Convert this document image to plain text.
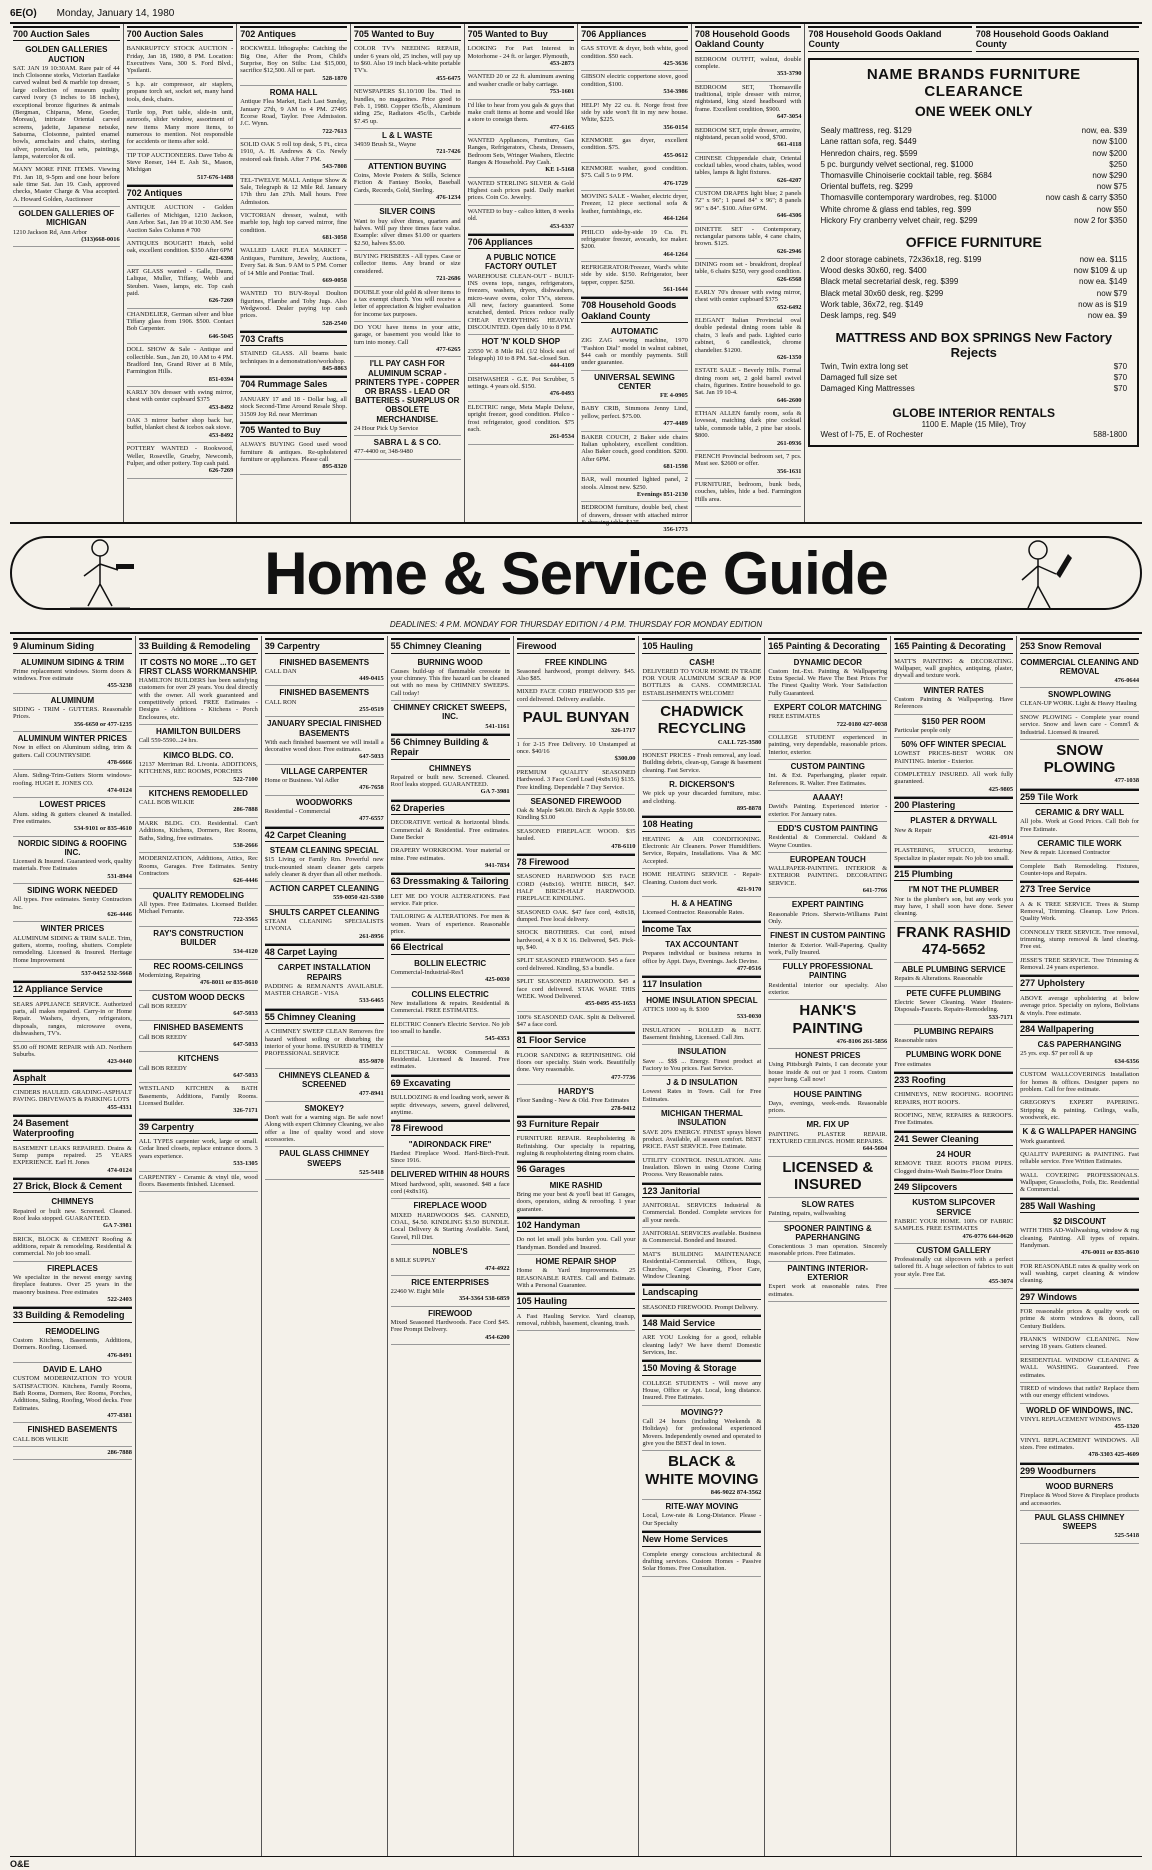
6E(O) Monday, January 14, 1980
700 Auction Sales
GOLDEN GALLERIES AUCTION
SAT. JAN 19 10:30AM. Rare pair of 44 inch Cloisonne storks, Victorian Eastlake carved walnut bed & marble top dresser, large collection of museum quality carved ivory (3 inches to 18 inches), exceptional bronze figurines & animals (Bergman, Chiparus, Mene, Goeder, Moreau), intricate Oriental carved screens, jadeite, Japanese netsuke, Satsuma, Cloisonne, painted enamel bowls, armchairs and chairs, sterling silver, porcelain, tea sets, paintings, lamps, watercolor & oil.
MANY MORE FINE ITEMS. Viewing Fri. Jan 18, 9-5pm and one hour before sale time Sat. Jan 19. Cash, approved checks, Master Charge & Visa accepted. A. Howard Golden, Auctioneer
GOLDEN GALLERIES OF MICHIGAN
1210 Jackson Rd, Ann Arbor
(313)668-0016
700 Auction Sales
BANKRUPTCY STOCK AUCTION - Friday, Jan 18, 1980, 8 PM. Location: Executives Vans, 300 S. Ford Blvd., Ypsilanti.
5 h.p. air compressor, air staplers, propane torch set, socket set, many hand tools, desk, chairs.
Turtle top, Port table, slide-in unit, sunroofs, slider window, assortment of new items Many more items, to numerous to mention. Not responsible for accidents or items after sold.
TIP TOP AUCTIONEERS. Dave Tebo & Steve Reeser, 144 E. Ash St., Mason, Michigan
517-676-1488
702 Antiques
ANTIQUE AUCTION - Golden Galleries of Michigan, 1210 Jackson, Ann Arbor. Sat., Jan 19 at 10:30 AM. See Auction Sales Column # 700
ANTIQUES BOUGHT! Hutch, solid oak, excellent condition. $350 After 6PM
421-6398
ART GLASS wanted - Galle, Daum, Lalique, Muller, Tiffany, Webb and Steuben. Vases, lamps, etc. Top cash paid.
626-7269
CHANDELIER, German silver and blue Tiffany glass from 1906. $500. Contact Bob Carpenter.
646-5045
DOLL SHOW & Sale - Antique and collectible. Sun., Jan 20, 10 AM to 4 PM. Bradford Inn, Grand River at 8 Mile, Farmington Hills.
851-0394
KARLY 30's dresser with swing mirror, chest with center cupboard $375
453-8492
OAK 3 mirror barber shop back bar, buffet, blanket chest & icebox oak stove.
453-8492
POTTERY WANTED - Rookwood, Weller, Roseville, Grueby, Newcomb, Fulper, and other pottery. Top cash paid.
626-7269
702 Antiques
ROCKWELL lithographs: Catching the Big One, After the Prom, Child's Surprise, Boy on Stilts: List $15,000, sacrifice $12,500. All or part.
528-1870
ROMA HALL
Antique Flea Market, Each Last Sunday, January 27th, 9 AM to 4 PM. 27495 Ecorse Road, Taylor. Free Admission. J.C. Wynn.
722-7613
SOLID OAK 5 roll top desk, 5 Ft., circa 1910, A. H. Andrews & Co. Newly restored oak finish. After 7 PM.
543-7808
TEL-TWELVE MALL Antique Show & Sale, Telegraph & 12 Mile Rd. January 17th thru Jan 27th. Mall hours. Free Admission.
VICTORIAN dresser, walnut, with marble top, high top carved mirror, fine condition.
681-3058
WALLED LAKE FLEA MARKET - Antiques, Furniture, Jewelry, Auctions, Every Sat. & Sun. 9 AM to 5 PM. Corner of 14 Mile and Pontiac Trail.
669-0058
WANTED TO BUY-Royal Doulton figurines, Flambe and Toby Jugs. Also Wedgwood. Dealer paying top cash prices.
528-2540
703 Crafts
STAINED GLASS. All beams basic techniques in a demonstration/workshop.
845-8863
704 Rummage Sales
JANUARY 17 and 18 - Dollar bag, all stock Second-Time Around Resale Shop. 31509 Joy Rd. near Merriman
705 Wanted to Buy
ALWAYS BUYING Good used wood furniture & antiques. Re-upholstered furniture or appliances. Please call
895-8320
705 Wanted to Buy
COLOR TV's NEEDING REPAIR, under 6 years old, 25 inches, will pay up to $60. Also 19 inch black-white portable TV's.
455-6475
NEWSPAPERS $1.10/100 lbs. Tied in bundles, no magazines. Price good to Feb. 1, 1980. Copper 65c/lb., Aluminum siding 25c, Radiators 45c/lb., Carbide $7.45 up.
L & L WASTE
34939 Brush St., Wayne
721-7426
ATTENTION BUYING
Coins, Movie Posters & Stills, Science Fiction & Fantasy Books, Baseball Cards, Records, Gold, Sterling.
476-1234
SILVER COINS
Want to buy silver dimes, quarters and halves. Will pay three times face value. Example: silver dimes $1.00 or quarters $2.50, halves $5.00.
BUYING FRISBEES - All types. Case or collector items. Any brand or size considered.
721-2686
DOUBLE your old gold & silver items to a tax exempt church. You will receive a letter of appreciation & higher evaluation for income tax purposes.
DO YOU have items in your attic, garage, or basement you would like to turn into money. Call
477-6265
I'LL PAY CASH FOR ALUMINUM SCRAP - PRINTERS TYPE - COPPER OR BRASS - LEAD OR BATTERIES - SURPLUS OR OBSOLETE MERCHANDISE.
24 Hour Pick Up Service
SABRA L & S CO.
477-4400 or, 348-9480
705 Wanted to Buy
LOOKING For Part Interest in Motorhome - 24 ft. or larger. Plymouth,
453-2873
WANTED 20 or 22 ft. aluminum awning and washer cradle or baby carriage.
753-1601
I'd like to hear from you gals & guys that make craft items at home and would like a store to consign them.
477-6165
WANTED Appliances, Furniture, Gas Ranges, Refrigerators, Chests, Dressers, Bedroom Sets, Wringer Washers, Electric Ranges & Household. Pay Cash.
KE 1-5168
WANTED STERLING SILVER & Gold Highest cash prices paid. Daily market prices. Coin Co. Jewelry.
WANTED to buy - calico kitten, 8 weeks old.
453-6337
706 Appliances
A PUBLIC NOTICE FACTORY OUTLET
WAREHOUSE CLEAN-OUT - BUILT-INS ovens tops, ranges, refrigerators, freezers, washers, dryers, dishwashers, micro-wave ovens, color TV's, stereos. All new, factory guaranteed. Some scratched, dented. Prices reduce really CHEAP. EVERYTHING HEAVILY DISCOUNTED. Open daily 10 to 8 PM.
HOT 'N' KOLD SHOP
23550 W. 8 Mile Rd. (1/2 block east of Telegraph) 10 to 8 PM. Sat.-closed Sun.
444-4109
DISHWASHER - G.E. Pot Scrubber, 5 settings. 4 years old. $150.
476-0493
ELECTRIC range, Meta Maple Deluxe, upright freezer, good condition. Philco - frost refrigerator, good condition. $75 each.
261-0534
706 Appliances
GAS STOVE & dryer, both white, good condition. $50 each.
425-3636
GIBSON electric coppertone stove, good condition, $100.
534-3986
HELP! My 22 cu. ft. Norge frost free side by side won't fit in my new house. White, $225.
356-0154
KENMORE gas dryer, excellent condition. $75.
455-0612
KENMORE washer, good condition. $75. Call 5 to 9 PM.
476-1729
MOVING SALE - Washer, electric dryer, Freezer, 12 piece sectional sofa & leather, furnishings, etc.
464-1264
PHILCO side-by-side 19 Cu. Ft. refrigerator freezer, avocado, ice maker. $200.
464-1264
REFRIGERATOR/Freezer, Ward's white side by side. $150. Refrigerator, beer tapper, copper. $250.
561-1644
708 Household Goods Oakland County
AUTOMATIC
ZIG ZAG sewing machine, 1970 "Fashion Dial" model in walnut cabinet, $44 cash or monthly payments. Still under guarantee.
UNIVERSAL SEWING CENTER
FE 4-0905
BABY CRIB, Simmons Jenny Lind, yellow, perfect. $75.00.
477-4489
BAKER COUCH, 2 Baker side chairs Italian upholstery, excellent condition. Also Baker couch, good condition. $200. After 6PM.
681-1598
BAR, wall mounted lighted panel, 2 stools. Almost new. $250.
Evenings 851-2130
BEDROOM furniture, double bed, chest of drawers, dresser with attached mirror & dressing table. $125.
356-1773
708 Household Goods Oakland County
BEDROOM OUTFIT, walnut, double complete.
353-3790
BEDROOM SET, Thomasville traditional, triple dresser with mirror, nightstand, king sized headboard with frame. Excellent condition, $900.
647-3054
BEDROOM SET, triple dresser, armoire, nightstand, pecan solid wood, $700.
661-4118
CHINESE Chippendale chair, Oriental cocktail tables, wood chairs, tables, wood tables, lamps & light fixtures.
626-4207
CUSTOM DRAPES light blue; 2 panels 72" x 96"; 1 panel 84" x 96"; 8 panels 96" x 84". $100. After 6PM.
646-4306
DINETTE SET - Contemporary, rectangular parsons table, 4 cane chairs, brown. $125.
626-2946
DINING room set - breakfront, dropleaf table, 6 chairs $250, very good condition.
626-6568
EARLY 70's dresser with swing mirror, chest with center cupboard $375
652-6492
ELEGANT Italian Provincial oval double pedestal dining room table & chairs, 3 leafs and pads. Lighted curio cabinet, 6 candlestick, chrome chandelier. $1200.
626-1350
ESTATE SALE - Beverly Hills. Formal dining room set, 2 gold barrel swivel chairs, figurines. Entire household to go. Sat. Jan 19 10-4.
646-2600
ETHAN ALLEN family room, sofa & loveseat, matching dark pine cocktail table, commode table, 2 pine bar stools. $800.
261-0936
FRENCH Provincial bedroom set, 7 pcs. Must see. $2600 or offer.
356-1631
FURNITURE, bedroom, bunk beds, couches, tables, hide a bed. Farmington Hills area.
708 Household Goods Oakland County
708 Household Goods Oakland County
NAME BRANDS FURNITURE CLEARANCE
ONE WEEK ONLY
Sealy mattress, reg. $129	now, ea. $39
Lane rattan sofa, reg. $449	now $100
Henredon chairs, reg. $599	now $200
5 pc. burgundy velvet sectional, reg. $1000	$250
Thomasville Chinoiserie cocktail table, reg. $684	now $290
Oriental buffets, reg. $299	now $75
Thomasville contemporary wardrobes, reg. $1000	now cash & carry $350
White chrome & glass end tables, reg. $99	now $50
Hickory Fry cranberry velvet chair, reg. $299	now 2 for $350
OFFICE FURNITURE
2 door storage cabinets, 72x36x18, reg. $199	now ea. $115
Wood desks 30x60, reg. $400	now $109 & up
Black metal secretarial desk, reg. $399	now ea. $149
Black metal 30x60 desk, reg. $299	now $79
Work table, 36x72, reg. $149	now as is $19
Desk lamps, reg. $49	now ea. $9
MATTRESS AND BOX SPRINGS New Factory Rejects
Twin, Twin extra long set	$70
Damaged full size set	$70
Damaged King Mattresses	$70
GLOBE INTERIOR RENTALS
1100 E. Maple (15 Mile), Troy
West of I-75, E. of Rochester	588-1800
Home & Service Guide
DEADLINES: 4 P.M. MONDAY FOR THURSDAY EDITION / 4 P.M. THURSDAY FOR MONDAY EDITION
9 Aluminum Siding
ALUMINUM SIDING & TRIM
Prime replacement windows. Storm doors & windows. Free estimate
455-3238
ALUMINUM
SIDING - TRIM - GUTTERS. Reasonable Prices.
356-6650 or 477-1235
ALUMINUM WINTER PRICES
Now in effect on Aluminum siding, trim & gutters. Call COUNTRYSIDE
478-6666
Alum. Siding-Trim-Gutters Storm windows-roofing. HUGH E. JONES CO.
474-0124
LOWEST PRICES
Alum. siding & gutters cleaned & installed. Free estimates.
534-9101 or 835-4610
NORDIC SIDING & ROOFING INC.
Licensed & Insured. Guaranteed work, quality materials. Free Estimates
531-8944
SIDING WORK NEEDED
All types. Free estimates. Sentry Contractors Inc.
626-4446
WINTER PRICES
ALUMINUM SIDING & TRIM SALE. Trim, gutters, storms, roofing, shutters. Complete remodeling. Licensed & Insured. Heritage Home Improvement
537-0452 532-5668
12 Appliance Service
SEARS APPLIANCE SERVICE. Authorized parts, all makes repaired. Carry-in or Home Repair. Washers, dryers, refrigerators, disposals, ranges, microwave ovens, dishwashers, TV's.
$5.00 off HOME REPAIR with AD. Northern Suburbs.
423-0440
Asphalt
CINDERS HAULED. GRADING-ASPHALT PAVING. DRIVEWAYS & PARKING LOTS
455-4331
24 Basement Waterproofing
BASEMENT LEAKS REPAIRED. Drains & Sump pumps repaired. 25 YEARS EXPERIENCE. Earl H. Jones
474-0124
27 Brick, Block & Cement
CHIMNEYS
Repaired or built new. Screened. Cleaned. Roof leaks stopped. GUARANTEED.
GA 7-3981
BRICK, BLOCK & CEMENT Roofing & additions, repair & remodeling. Residential & commercial. No job too small.
FIREPLACES
We specialize in the newest energy saving fireplace features. Over 25 years in the masonry business. Free estimates
522-2403
33 Building & Remodeling
REMODELING
Custom Kitchens, Basements, Additions, Dormers. Roofing. Licensed.
476-8491
DAVID E. LAHO
CUSTOM MODERNIZATION TO YOUR SATISFACTION. Kitchens, Family Rooms, Bath Rooms, Dormers, Rec Rooms, Porches, Additions, Siding, Roofing, Wood decks. Free Estimates.
477-8381
FINISHED BASEMENTS
CALL BOB WILKIE
286-7888
33 Building & Remodeling
IT COSTS NO MORE ...TO GET FIRST CLASS WORKMANSHIP.
HAMILTON BUILDERS has been satisfying customers for over 29 years. You deal directly with the owner. All work guaranteed and competitively priced. FREE Estimates - Designs - Additions - Kitchens - Porch Enclosures, etc.
HAMILTON BUILDERS
Call 559-5590...24 hrs.
KIMCO BLDG. CO.
12137 Merriman Rd. Livonia. ADDITIONS, KITCHENS, REC ROOMS, PORCHES
522-7100
KITCHENS REMODELLED
CALL BOB WILKIE
286-7888
MARK BLDG. CO. Residential. Can't Additions, Kitchens, Dormers, Rec Rooms, Baths, Siding, free estimates.
538-2666
MODERNIZATION, Additions, Attics, Rec Rooms, Garages. Free Estimates. Sentry Contractors
626-4446
QUALITY REMODELING
All types. Free Estimates. Licensed Builder. Michael Ferrante.
722-3565
RAY'S CONSTRUCTION BUILDER
534-4120
REC ROOMS-CEILINGS
Modernizing, Repairing
476-8011 or 835-8610
CUSTOM WOOD DECKS
Call BOB REEDY
647-5033
FINISHED BASEMENTS
Call BOB REEDY
647-5033
KITCHENS
Call BOB REEDY
647-5033
WESTLAND KITCHEN & BATH Basements, Additions, Family Rooms. Licensed Builder.
326-7171
39 Carpentry
ALL TYPES carpenter work, large or small. Cedar lined closets, replace entrance doors. 3 years experience.
533-1305
CARPENTRY - Ceramic & vinyl tile, wood floors. Basements finished. Licensed.
39 Carpentry
FINISHED BASEMENTS
CALL DAN
449-0415
FINISHED BASEMENTS
CALL RON
255-0519
JANUARY SPECIAL FINISHED BASEMENTS
With each finished basement we will install a decorative wood door. Free estimates.
647-5033
VILLAGE CARPENTER
Home or Business. Val Adler
476-7658
WOODWORKS
Residential - Commercial
477-6557
42 Carpet Cleaning
STEAM CLEANING SPECIAL
$15 Living or Family Rm. Powerful new truck-mounted steam cleaner gets carpets safely cleaner & dryer than all other methods.
ACTION CARPET CLEANING
559-0050 421-5380
SHULTS CARPET CLEANING
STEAM CLEANING SPECIALISTS LIVONIA
261-8956
48 Carpet Laying
CARPET INSTALLATION REPAIRS
PADDING & REM.NANTS AVAILABLE. MASTER CHARGE - VISA
533-6465
55 Chimney Cleaning
A CHIMNEY SWEEP CLEAN Removes fire hazard without soiling or disturbing the interior of your home. INSURED & TIMELY PROFESSIONAL SERVICE
855-9870
CHIMNEYS CLEANED & SCREENED
477-8941
SMOKEY?
Don't wait for a warning sign. Be safe now! Along with expert Chimney Cleaning, we also offer a line of quality wood and stove accessories.
PAUL GLASS CHIMNEY SWEEPS
525-5418
55 Chimney Cleaning
BURNING WOOD
Causes build-up of flammable creosote in your chimney. This fire hazard can be cleaned out with no mess by CHIMNEY SWEEPS. Call today!
CHIMNEY CRICKET SWEEPS, INC.
541-1161
56 Chimney Building & Repair
CHIMNEYS
Repaired or built new. Screened. Cleaned. Roof leaks stopped. GUARANTEED.
GA 7-3981
62 Draperies
DECORATIVE vertical & horizontal blinds. Commercial & Residential. Free estimates. Dane Becker
DRAPERY WORKROOM. Your material or mine. Free estimates.
941-7834
63 Dressmaking & Tailoring
LET ME DO YOUR ALTERATIONS. Fast service. Fair price.
TAILORING & ALTERATIONS. For men & women. Years of experience. Reasonable price.
66 Electrical
BOLLIN ELECTRIC
Commercial-Industrial-Res'l
425-0030
COLLINS ELECTRIC
New installations & repairs. Residential & Commercial. FREE ESTIMATES.
ELECTRIC Conner's Electric Service. No job too small to handle.
545-4353
ELECTRICAL WORK Commercial & Residential. Licensed & Insured. Free estimates.
69 Excavating
BULLDOZING & end loading work, sewer & septic driveways, sewers, gravel delivered, anytime.
78 Firewood
"ADIRONDACK FIRE"
Hardest Fireplace Wood. Hard-Birch-Fruit. Since 1916.
DELIVERED WITHIN 48 HOURS
Mixed hardwood, split, seasoned. $48 a face cord (4x8x16).
FIREPLACE WOOD
MIXED HARDWOODS $45. CANNED, COAL, $4.50. KINDLING $3.50 BUNDLE. Local Delivery & Starting Available. Sand, Gravel, Fill Dirt.
NOBLE'S
8 MILE SUPPLY
474-4922
RICE ENTERPRISES
22460 W. Eight Mile
354-3364 538-6859
FIREWOOD
Mixed Seasoned Hardwoods. Face Cord $45. Free Prompt Delivery.
454-6200
Firewood
FREE KINDLING
Seasoned hardwood, prompt delivery. $45. Also $85.
MIXED FACE CORD FIREWOOD $35 per cord delivered. Delivery available.
PAUL BUNYAN
326-1717
1 for 2-15 Free Delivery. 10 Unstamped at once. $40/16
$300.00
PREMIUM QUALITY SEASONED Hardwood. 3 Face Cord Load (4x8x16) $135. Free kindling. Dependable 7 Day Service.
SEASONED FIREWOOD
Oak & Maple $49.00. Birch & Apple $59.00. Kindling $3.00
SEASONED FIREPLACE WOOD. $35 hauled.
478-6110
78 Firewood
SEASONED HARDWOOD $35 FACE CORD (4x8x16). WHITE BIRCH, $47. HALF BIRCH-HALF HARDWOOD. FIREPLACE KINDLING.
SEASONED OAK. $47 face cord, 4x8x18, dumped. Free local delivery.
SHOCK BROTHERS. Cut cord, mixed hardwood, 4 X 8 X 16. Delivered, $45. Pick-up, $40.
SPLIT SEASONED FIREWOOD. $45 a face cord delivered. Kindling, $3 a bundle.
SPLIT SEASONED HARDWOOD. $45 a face cord delivered. STAK WARE THIS WEEK. Wood Delivered.
455-0495 455-1653
100% SEASONED OAK. Split & Delivered. $47 a face cord.
81 Floor Service
FLOOR SANDING & REFINISHING. Old floors our specialty. Stain work. Beautifully done. Very reasonable.
477-7736
HARDY'S
Floor Sanding - New & Old. Free Estimates
278-9412
93 Furniture Repair
FURNITURE REPAIR. Reupholstering & Refinishing. Our specialty is repairing, regluing & reupholstering dining room chairs.
96 Garages
MIKE RASHID
Bring me your best & you'll beat it! Garages, doors, operators, siding & reroofing. 1 year guarantee.
102 Handyman
Do not let small jobs burden you. Call your Handyman. Bonded and Insured.
HOME REPAIR SHOP
Home & Yard Improvements. 25 REASONABLE RATES. Call and Estimate. With a Personal Guarantee.
105 Hauling
A Fast Hauling Service. Yard cleanup, removal, rubbish, basement, cleaning, trash.
105 Hauling
CASH!
DELIVERED TO YOUR HOME IN TRADE FOR YOUR ALUMINUM SCRAP & POP BOTTLES & CANS. COMMERCIAL ESTABLISHMENTS WELCOME!
CHADWICK RECYCLING
CALL 725-3580
HONEST PRICES - Fresh removal, any load. Building debris, clean-up, Garage & basement cleaning. Fast Service.
R. DICKERSON'S
We pick up your discarded furniture, misc. and clothing.
895-8878
108 Heating
HEATING & AIR CONDITIONING. Electronic Air Cleaners. Power Humidifiers. Service, Repairs, Installations. Visa & MC Accepted.
HOME HEATING SERVICE - Repair-Cleaning. Custom duct work.
421-9170
H. & A HEATING
Licensed Contractor. Reasonable Rates.
Income Tax
TAX ACCOUNTANT
Prepares individual or business returns in office by Appt. Days, Evenings. Jack Devine.
477-0516
117 Insulation
HOME INSULATION SPECIAL
ATTICS 1000 sq. ft. $300
533-0030
INSULATION - ROLLED & BATT. Basement finishing, Licensed. Call Jim.
INSULATION
Save ... $$$ ... Energy. Finest product at Factory to You prices. Fast Service.
J & D INSULATION
Lowest Rates in Town. Call for Free Estimates.
MICHIGAN THERMAL INSULATION
SAVE 20% ENERGY. FINEST sprays blown product. Available, all season comfort. BEST PRICE. FAST SERVICE. Free Estimate.
UTILITY CONTROL INSULATION. Attic Insulation. Blown in using Ozone Curing Process. Very Reasonable rates.
123 Janitorial
JANITORIAL SERVICES Industrial & Commercial. Bonded. Complete services for all your needs.
JANITORIAL SERVICES available. Business & Commercial. Bonded and Insured.
MAT'S BUILDING MAINTENANCE Residential-Commercial. Offices, Rugs, Churches, Carpet Cleaning, Floor Care, Window Cleaning.
Landscaping
SEASONED FIREWOOD. Prompt Delivery.
148 Maid Service
ARE YOU Looking for a good, reliable cleaning lady? We have them! Domestic Services, Inc.
150 Moving & Storage
COLLEGE STUDENTS - Will move any House, Office or Apt. Local, long distance. Insured. Free Estimates.
MOVING??
Call 24 hours (including Weekends & Holidays) for professional experienced Movers. Independently owned and operated to give you the BEST deal in town.
BLACK & WHITE MOVING
846-9022 874-3562
RITE-WAY MOVING
Local, Low-rate & Long-Distance. Please - Our Specialty
New Home Services
Complete energy conscious architectural & drafting services. Custom Homes - Passive Solar Homes. Free Consultation.
165 Painting & Decorating
DYNAMIC DECOR
Custom Int.-Ext. Painting & Wallpapering Extra Special. We Have The Best Prices For The Finest Quality Work. Your Satisfaction Fully Guaranteed.
EXPERT COLOR MATCHING
FREE ESTIMATES
722-0180 427-0038
COLLEGE STUDENT experienced in painting, very dependable, reasonable prices. Interior, exterior.
CUSTOM PAINTING
Int. & Ext. Paperhanging, plaster repair. References. R. Walter. Free Estimates.
AAAAY!
David's Painting. Experienced interior - exterior. For January rates.
EDD'S CUSTOM PAINTING
Residential & Commercial. Oakland & Wayne Counties.
EUROPEAN TOUCH
WALLPAPER-PAINTING. INTERIOR & EXTERIOR PAINTING. DECORATING SERVICE.
641-7766
EXPERT PAINTING
Reasonable Prices. Sherwin-Williams Paint Only.
FINEST IN CUSTOM PAINTING
Interior & Exterior. Wall-Papering. Quality work, Fully Insured.
FULLY PROFESSIONAL PAINTING
Residential interior our specialty. Also exterior.
HANK'S PAINTING
476-8106 261-5856
HONEST PRICES
Using Pittsburgh Paints, I can decorate your house inside & out or just 1 room. Custom paper hung. Call now!
HOUSE PAINTING
Days, evenings, week-ends. Reasonable prices.
MR. FIX UP
PAINTING. PLASTER REPAIR. TEXTURED CEILINGS. HOME REPAIRS.
644-5604
LICENSED & INSURED
SLOW RATES
Painting, repairs, wallwashing
SPOONER PAINTING & PAPERHANGING
Conscientious 3 man operation. Sincerely reasonable prices. Free Estimates.
PAINTING INTERIOR-EXTERIOR
Expert work at reasonable rates. Free estimates.
165 Painting & Decorating
MATT'S PAINTING & DECORATING. Wallpaper, wall graphics, antiquing, plaster, drywall and texture work.
WINTER RATES
Custom Painting & Wallpapering. Have References
$150 PER ROOM
Particular people only
50% OFF WINTER SPECIAL
LOWEST PRICES-BEST WORK ON PAINTING. Interior - Exterior.
COMPLETELY INSURED. All work fully guaranteed.
425-9805
200 Plastering
PLASTER & DRYWALL
New & Repair
421-0914
PLASTERING, STUCCO, texturing. Specialize in plaster repair. No job too small.
215 Plumbing
I'M NOT THE PLUMBER
Nor is the plumber's son, but any work you may have, I shall soon have done. Sewer cleaning.
FRANK RASHID 474-5652
ABLE PLUMBING SERVICE
Repairs & Alterations. Reasonable
PETE CUFFE PLUMBING
Electric Sewer Cleaning. Water Heaters-Disposals-Faucets. Repairs-Remodeling.
533-7171
PLUMBING REPAIRS
Reasonable rates
PLUMBING WORK DONE
Free estimates
233 Roofing
CHIMNEYS, NEW ROOFING. ROOFING REPAIRS, HOT ROOFS.
ROOFING, NEW, REPAIRS & REROOFS. Free Estimates.
241 Sewer Cleaning
24 HOUR
REMOVE TREE ROOTS FROM PIPES. Clogged drains-Wash Basins-Floor Drains
249 Slipcovers
KUSTOM SLIPCOVER SERVICE
FABRIC YOUR HOME. 100's OF FABRIC SAMPLES. FREE ESTIMATES
476-0776 644-0620
CUSTOM GALLERY
Professionally cut slipcovers with a perfect tailored fit. A huge selection of fabrics to suit your style. Free Est.
455-3074
253 Snow Removal
COMMERCIAL CLEANING AND REMOVAL
476-0644
SNOWPLOWING
CLEAN-UP WORK. Light & Heavy Hauling
SNOW PLOWING - Complete year round service. Snow and lawn care - Comm'l & Industrial. Licensed & insured.
SNOW PLOWING
477-1038
259 Tile Work
CERAMIC & DRY WALL
All jobs. Work at Good Prices. Call Bob for Free Estimate.
CERAMIC TILE WORK
New & repair. Licensed Contractor
Complete Bath Remodeling. Fixtures, Counter-tops and Repairs.
273 Tree Service
A & K TREE SERVICE. Trees & Stump Removal, Trimming. Cleanup. Low Prices. Quality Work.
CONNOLLY TREE SERVICE. Tree removal, trimming, stump removal & land clearing. Free est.
JESSE'S TREE SERVICE. Tree Trimming & Removal. 24 years experience.
277 Upholstery
ABOVE average upholstering at below average price. Specialty on nylons, Bolivians & vinyls. Free estimate.
284 Wallpapering
C&S PAPERHANGING
25 yrs. exp. $7 per roll & up
634-6356
CUSTOM WALLCOVERINGS Installation for homes & offices. Designer papers no problem. Call for free estimate.
GREGORY'S EXPERT PAPERING. Stripping & painting. Ceilings, walls, woodwork, etc.
K & G WALLPAPER HANGING
Work guaranteed.
QUALITY PAPERING & PAINTING. Fast reliable service. Free Written Estimates.
WALL COVERING PROFESSIONALS. Wallpaper, Grasscloths, Foils, Etc. Residential & Commercial.
285 Wall Washing
$2 DISCOUNT
WITH THIS AD-Wallwashing, window & rug cleaning. Painting. All types of repairs. Handyman.
476-0011 or 835-8610
FOR REASONABLE rates & quality work on wall washing, carpet cleaning & window cleaning.
297 Windows
FOR reasonable prices & quality work on prime & storm windows & doors, call Century Builders.
FRANK'S WINDOW CLEANING. Now serving 18 years. Gutters cleaned.
RESIDENTIAL WINDOW CLEANING & WALL WASHING. Guaranteed. Free estimates.
TIRED of windows that rattle? Replace them with our energy efficient windows.
WORLD OF WINDOWS, INC.
VINYL REPLACEMENT WINDOWS
455-1320
VINYL REPLACEMENT WINDOWS. All sizes. Free estimates.
478-3303 425-4609
299 Woodburners
WOOD BURNERS
Fireplace & Wood Stove & Fireplace products and accessories.
PAUL GLASS CHIMNEY SWEEPS
525-5418
O&E
